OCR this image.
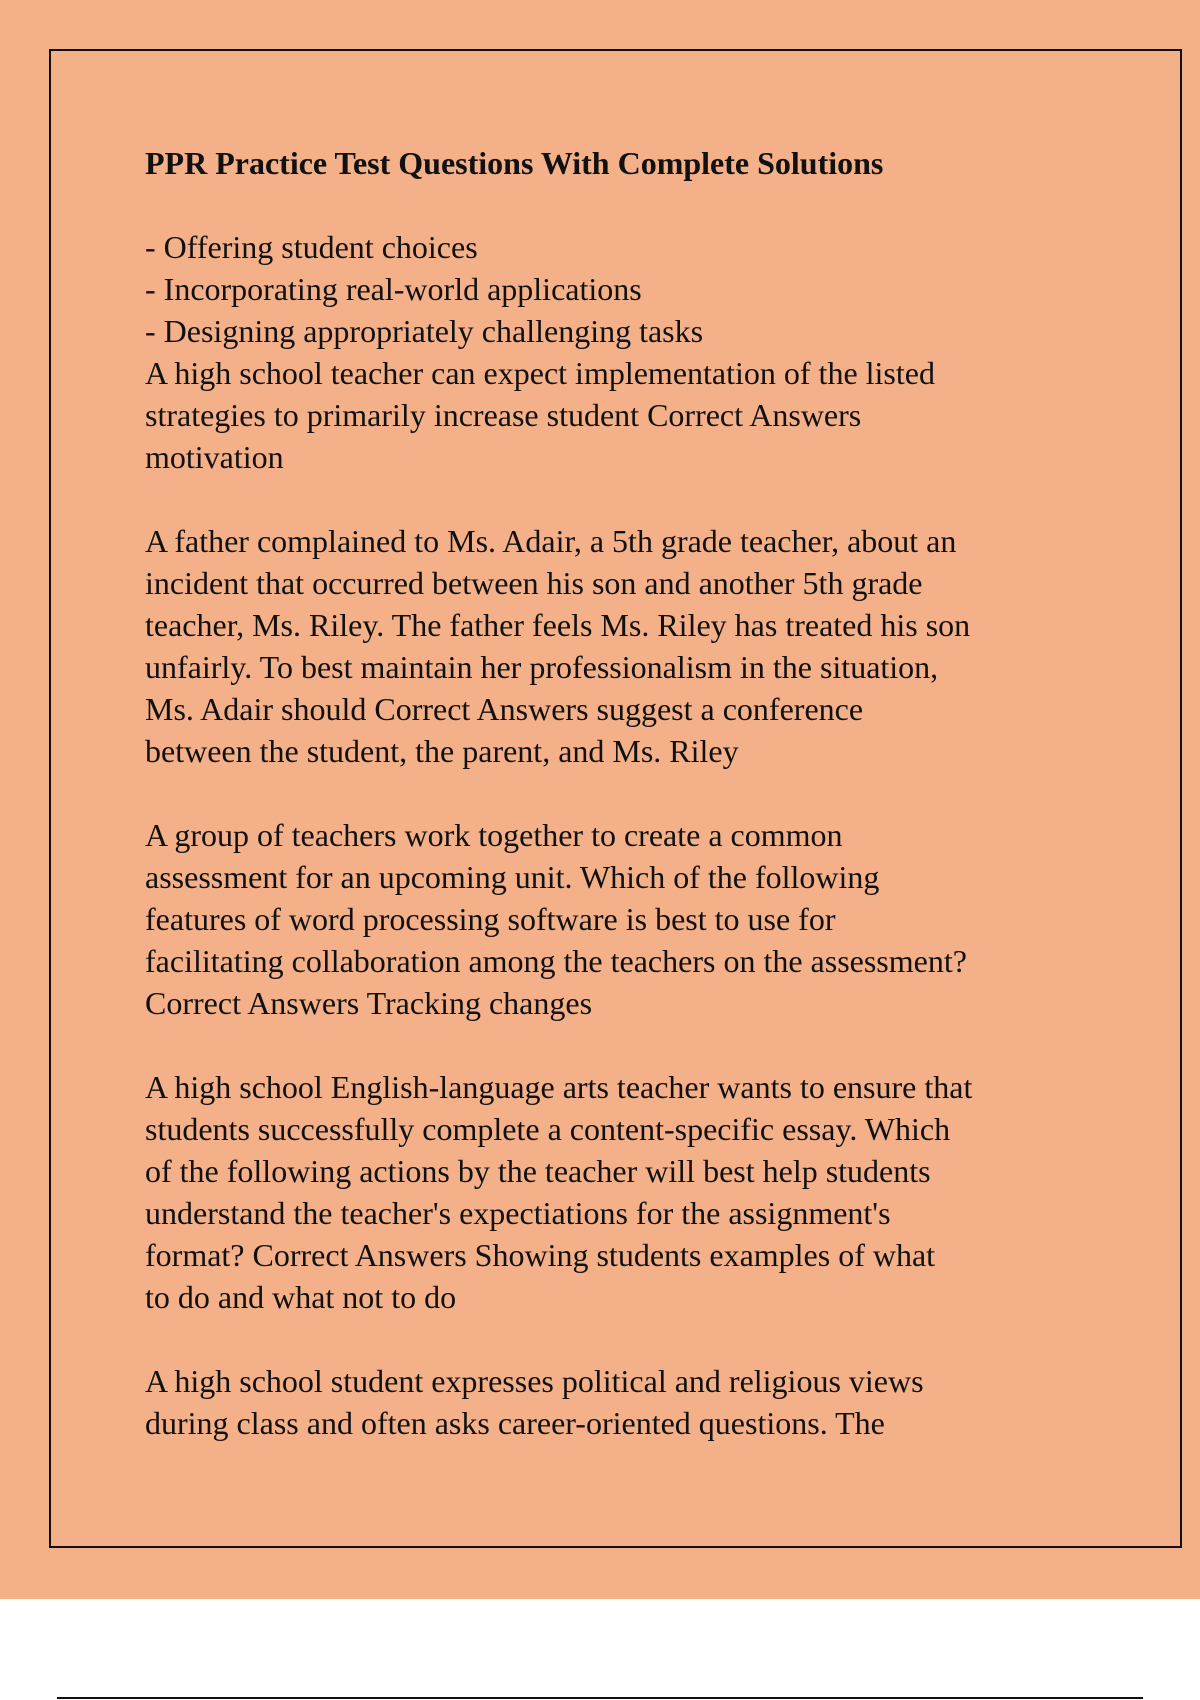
PPR Practice Test Questions With Complete Solutions
- Offering student choices
- Incorporating real-world applications
- Designing appropriately challenging tasks
A high school teacher can expect implementation of the listed
strategies to primarily increase student Correct Answers
motivation
A father complained to Ms. Adair, a 5th grade teacher, about an
incident that occurred between his son and another 5th grade
teacher, Ms. Riley. The father feels Ms. Riley has treated his son
unfairly. To best maintain her professionalism in the situation,
Ms. Adair should Correct Answers suggest a conference
between the student, the parent, and Ms. Riley
A group of teachers work together to create a common
assessment for an upcoming unit. Which of the following
features of word processing software is best to use for
facilitating collaboration among the teachers on the assessment?
Correct Answers Tracking changes
A high school English-language arts teacher wants to ensure that
students successfully complete a content-specific essay. Which
of the following actions by the teacher will best help students
understand the teacher's expectiations for the assignment's
format? Correct Answers Showing students examples of what
to do and what not to do
A high school student expresses political and religious views
during class and often asks career-oriented questions. The
